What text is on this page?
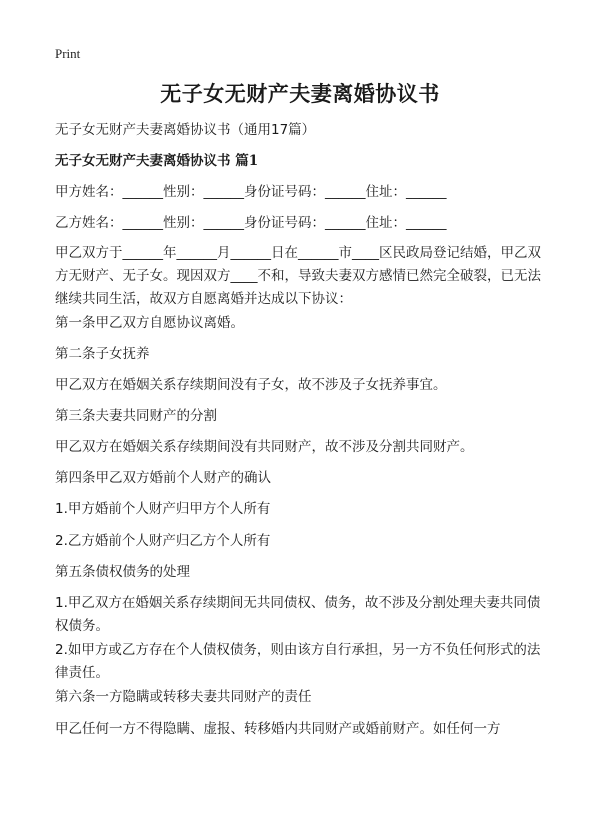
Print
无子女无财产夫妻离婚协议书
无子女无财产夫妻离婚协议书（通用17篇）
无子女无财产夫妻离婚协议书 篇1
甲方姓名：______性别：______身份证号码：______住址：______
乙方姓名：______性别：______身份证号码：______住址：______
甲乙双方于______年______月______日在______市____区民政局登记结婚，甲乙双方无财产、无子女。现因双方____不和，导致夫妻双方感情已然完全破裂，已无法继续共同生活，故双方自愿离婚并达成以下协议：
第一条甲乙双方自愿协议离婚。
第二条子女抚养
甲乙双方在婚姻关系存续期间没有子女，故不涉及子女抚养事宜。
第三条夫妻共同财产的分割
甲乙双方在婚姻关系存续期间没有共同财产，故不涉及分割共同财产。
第四条甲乙双方婚前个人财产的确认
1.甲方婚前个人财产归甲方个人所有
2.乙方婚前个人财产归乙方个人所有
第五条债权债务的处理
1.甲乙双方在婚姻关系存续期间无共同债权、债务，故不涉及分割处理夫妻共同债权债务。
2.如甲方或乙方存在个人债权债务，则由该方自行承担，另一方不负任何形式的法律责任。
第六条一方隐瞒或转移夫妻共同财产的责任
甲乙任何一方不得隐瞒、虚报、转移婚内共同财产或婚前财产。如任何一方
